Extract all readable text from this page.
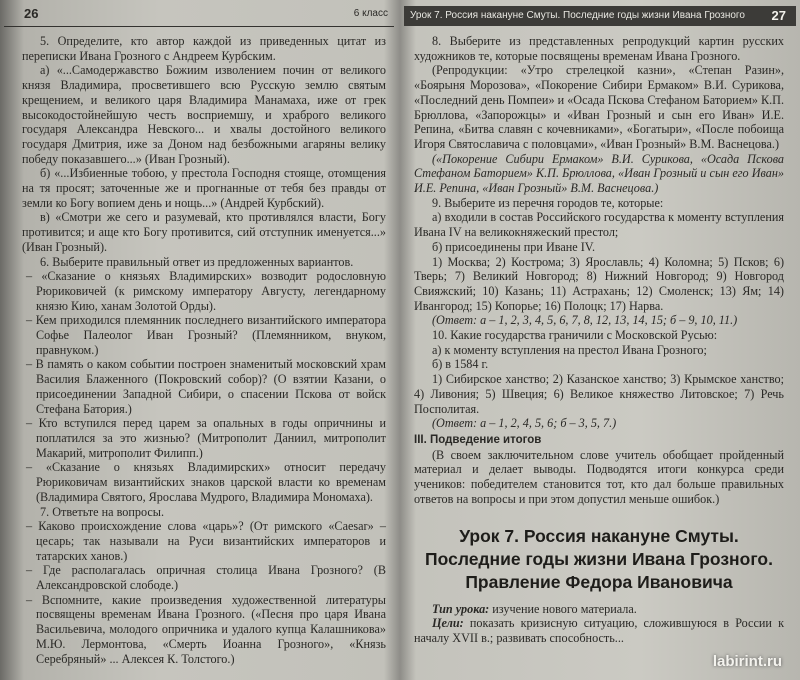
26	6 класс

5. Определите, кто автор каждой из приведенных цитат из переписки Ивана Грозного с Андреем Курбским.

а) «...Самодержавство Божиим изволением почин от великого князя Владимира, просветившего всю Русскую землю святым крещением, и великого царя Владимира Манамаха, иже от грек высокодостойнейшую честь восприемшу, и храброго великого государя Александра Невского... и хвалы достойного великого государя Дмитрия, иже за Доном над безбожными агаряны велику победу показавшего...» (Иван Грозный).

б) «...Избиенные тобою, у престола Господня стояще, отомщения на тя просят; заточенные же и прогнанные от тебя без правды от земли ко Богу вопием день и нощь...» (Андрей Курбский).

в) «Смотри же сего и разумевай, кто противлялся власти, Богу противится; и аще кто Богу противится, сий отступник именуется...» (Иван Грозный).

6. Выберите правильный ответ из предложенных вариантов.

– «Сказание о князьях Владимирских» возводит родословную Рюриковичей (к римскому императору Августу, легендарному князю Кию, ханам Золотой Орды).

– Кем приходился племянник последнего византийского императора Софье Палеолог Иван Грозный? (Племянником, внуком, правнуком.)

– В память о каком событии построен знаменитый московский храм Василия Блаженного (Покровский собор)? (О взятии Казани, о присоединении Западной Сибири, о спасении Пскова от войск Стефана Батория.)

– Кто вступился перед царем за опальных в годы опричнины и поплатился за это жизнью? (Митрополит Даниил, митрополит Макарий, митрополит Филипп.)

– «Сказание о князьях Владимирских» относит передачу Рюриковичам византийских знаков царской власти ко временам (Владимира Святого, Ярослава Мудрого, Владимира Мономаха).

7. Ответьте на вопросы.

– Каково происхождение слова «царь»? (От римского «Caesar» – цесарь; так называли на Руси византийских императоров и татарских ханов.)

– Где располагалась опричная столица Ивана Грозного? (В Александровской слободе.)

– Вспомните, какие произведения художественной литературы посвящены временам Ивана Грозного. («Песня про царя Ивана Васильевича, молодого опричника и удалого купца Калашникова» М.Ю. Лермонтова, «Смерть Иоанна Грозного», «Князь Серебряный» ... Алексея К. Толстого.)

Урок 7. Россия накануне Смуты. Последние годы жизни Ивана Грозного 27

8. Выберите из представленных репродукций картин русских художников те, которые посвящены временам Ивана Грозного.

(Репродукции: «Утро стрелецкой казни», «Степан Разин», «Боярыня Морозова», «Покорение Сибири Ермаком» В.И. Сурикова, «Последний день Помпеи» и «Осада Пскова Стефаном Баторием» К.П. Брюллова, «Запорожцы» и «Иван Грозный и сын его Иван» И.Е. Репина, «Битва славян с кочевниками», «Богатыри», «После побоища Игоря Святославича с половцами», «Иван Грозный» В.М. Васнецова.)

(«Покорение Сибири Ермаком» В.И. Сурикова, «Осада Пскова Стефаном Баторием» К.П. Брюллова, «Иван Грозный и сын его Иван» И.Е. Репина, «Иван Грозный» В.М. Васнецова.)

9. Выберите из перечня городов те, которые:

а) входили в состав Российского государства к моменту вступления Ивана IV на великокняжеский престол;

б) присоединены при Иване IV.

1) Москва; 2) Кострома; 3) Ярославль; 4) Коломна; 5) Псков; 6) Тверь; 7) Великий Новгород; 8) Нижний Новгород; 9) Новгород Свияжский; 10) Казань; 11) Астрахань; 12) Смоленск; 13) Ям; 14) Ивангород; 15) Копорье; 16) Полоцк; 17) Нарва.

(Ответ: а – 1, 2, 3, 4, 5, 6, 7, 8, 12, 13, 14, 15; б – 9, 10, 11.)

10. Какие государства граничили с Московской Русью:

а) к моменту вступления на престол Ивана Грозного;

б) в 1584 г.

1) Сибирское ханство; 2) Казанское ханство; 3) Крымское ханство; 4) Ливония; 5) Швеция; 6) Великое княжество Литовское; 7) Речь Посполитая.

(Ответ: а – 1, 2, 4, 5, 6; б – 3, 5, 7.)

III. Подведение итогов

(В своем заключительном слове учитель обобщает пройденный материал и делает выводы. Подводятся итоги конкурса среди учеников: победителем становится тот, кто дал больше правильных ответов на вопросы и при этом допустил меньше ошибок.)

Урок 7. Россия накануне Смуты. Последние годы жизни Ивана Грозного. Правление Федора Ивановича

Тип урока: изучение нового материала.

Цели: показать кризисную ситуацию, сложившуюся в России к началу XVII в.; развивать способность...

labirint.ru
